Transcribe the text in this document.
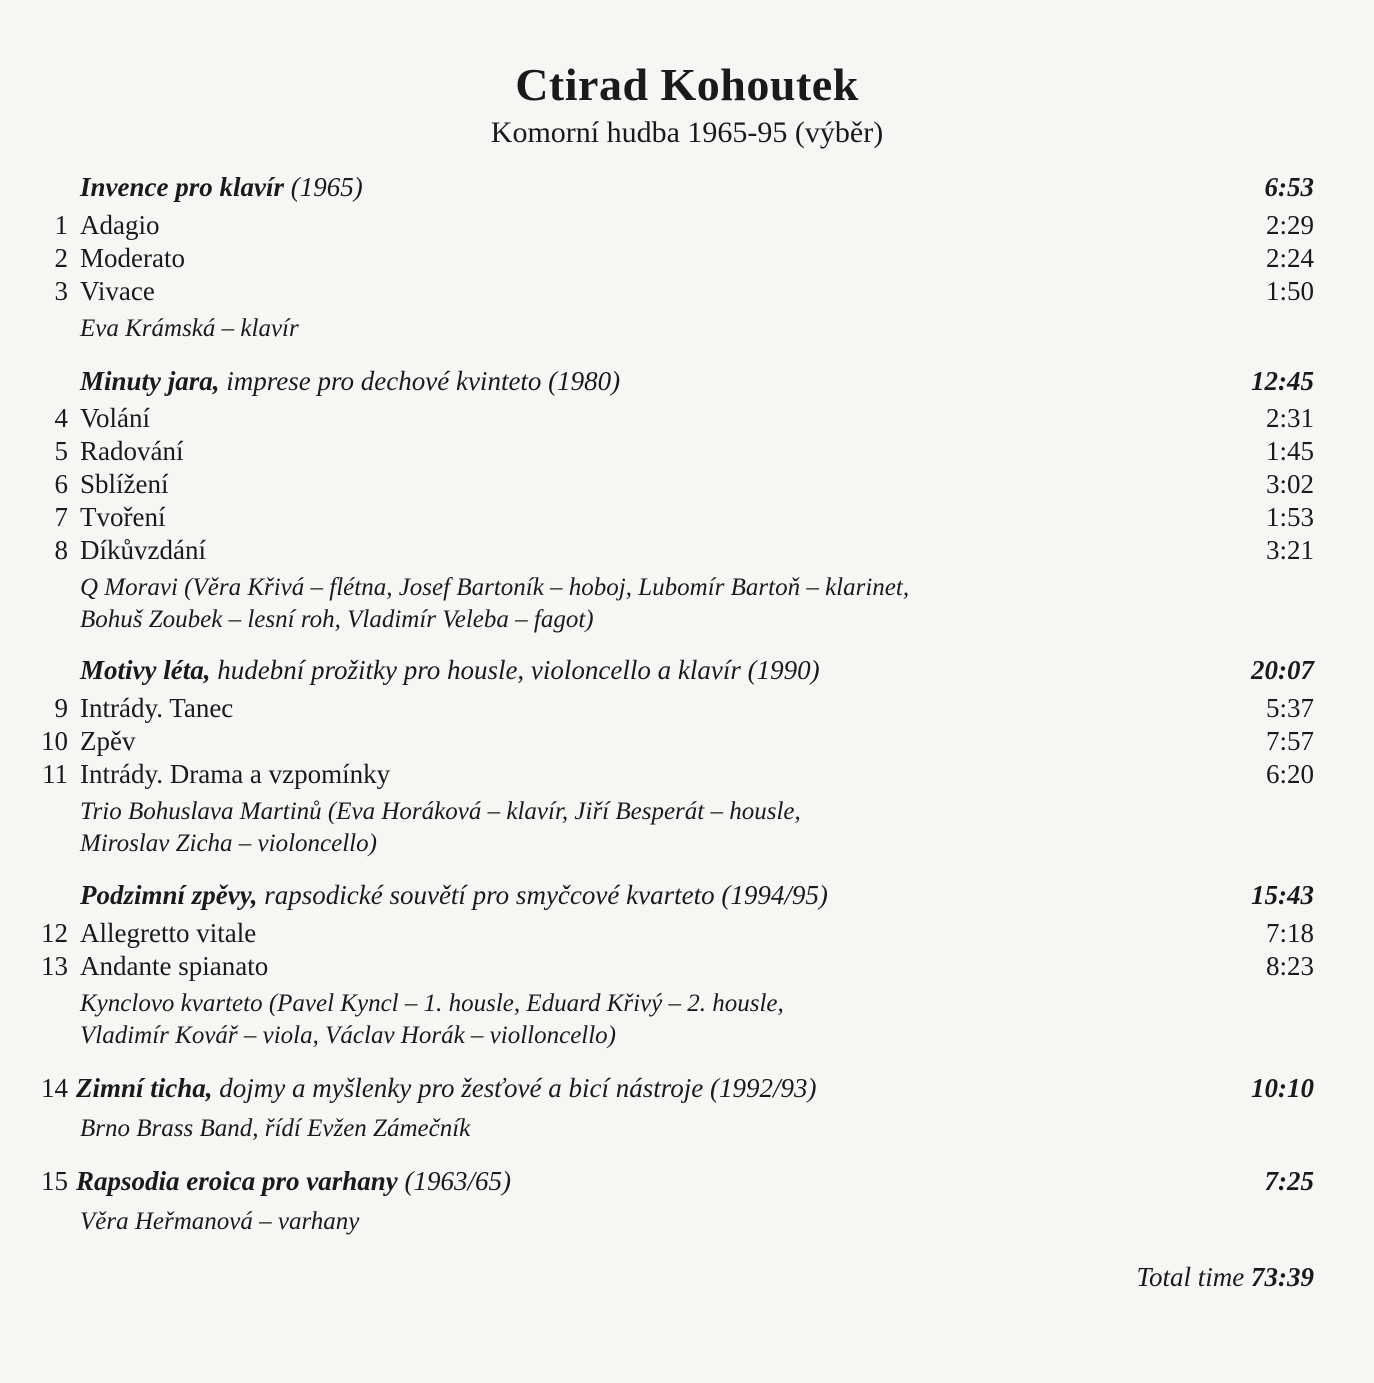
Ctirad Kohoutek
Komorní hudba 1965-95 (výběr)
Invence pro klavír (1965)	6:53
1 Adagio	2:29
2 Moderato	2:24
3 Vivace	1:50
Eva Krámská – klavír
Minuty jara, imprese pro dechové kvinteto (1980)	12:45
4 Volání	2:31
5 Radování	1:45
6 Sblížení	3:02
7 Tvoření	1:53
8 Díkůvzdání	3:21
Q Moravi (Věra Křivá – flétna, Josef Bartoník – hoboj, Lubomír Bartoň – klarinet,
Bohuš Zoubek – lesní roh, Vladimír Veleba – fagot)
Motivy léta, hudební prožitky pro housle, violoncello a klavír (1990)	20:07
9 Intrády. Tanec	5:37
10 Zpěv	7:57
11 Intrády. Drama a vzpomínky	6:20
Trio Bohuslava Martinů (Eva Horáková – klavír, Jiří Besperát – housle,
Miroslav Zicha – violoncello)
Podzimní zpěvy, rapsodické souvětí pro smyčcové kvarteto (1994/95)	15:43
12 Allegretto vitale	7:18
13 Andante spianato	8:23
Kynclovo kvarteto (Pavel Kyncl – 1. housle, Eduard Křivý – 2. housle,
Vladimír Kovář – viola, Václav Horák – violloncello)
14 Zimní ticha, dojmy a myšlenky pro žesťové a bicí nástroje (1992/93)	10:10
Brno Brass Band, řídí Evžen Zámečník
15 Rapsodia eroica pro varhany (1963/65)	7:25
Věra Heřmanová – varhany
Total time 73:39
